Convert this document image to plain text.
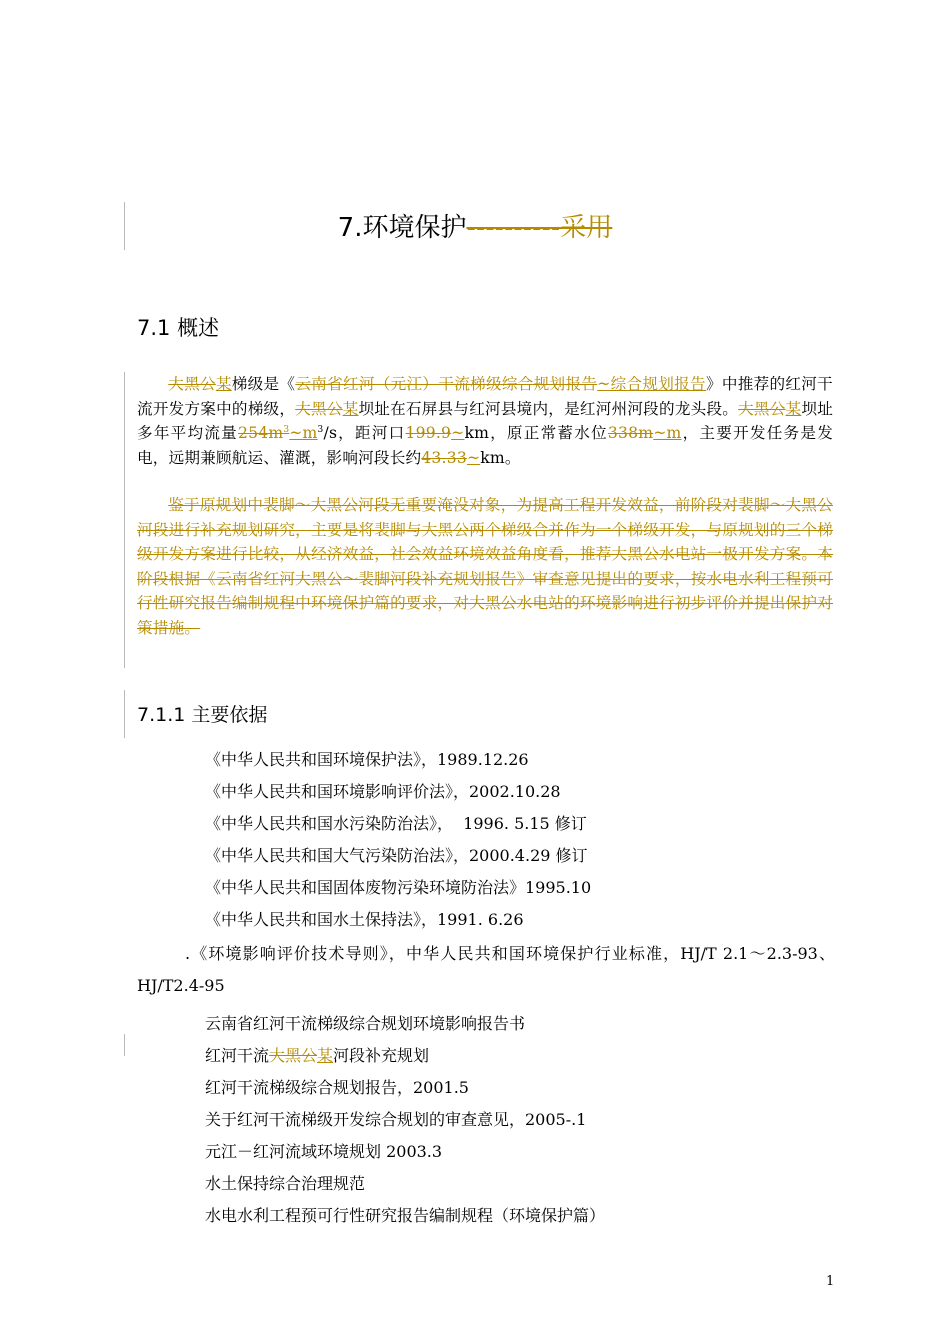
7.环境保护----------采用
7.1 概述
大黑公某梯级是《云南省红河（元江）干流梯级综合规划报告~综合规划报告》中推荐的红河干流开发方案中的梯级，大黑公某坝址在石屏县与红河县境内，是红河州河段的龙头段。大黑公某坝址多年平均流量$254m^3\sim m^3/s$，距河口199.9~km，原正常蓄水位338m~m，主要开发任务是发电，远期兼顾航运、灌溉，影响河段长约43.33~km。
鉴于原规划中裴脚～大黑公河段无重要淹没对象，为提高工程开发效益，前阶段对裴脚～大黑公河段进行补充规划研究，主要是将裴脚与大黑公两个梯级合并作为一个梯级开发，与原规划的三个梯级开发方案进行比较，从经济效益，社会效益环境效益角度看，推荐大黑公水电站一极开发方案。本阶段根据《云南省红河大黑公～裴脚河段补充规划报告》审查意见提出的要求，按水电水利工程预可行性研究报告编制规程中环境保护篇的要求，对大黑公水电站的环境影响进行初步评价并提出保护对策措施。
7.1.1 主要依据
《中华人民共和国环境保护法》，1989.12.26
《中华人民共和国环境影响评价法》，2002.10.28
《中华人民共和国水污染防治法》，  1996. 5.15 修订
《中华人民共和国大气污染防治法》，2000.4.29 修订
《中华人民共和国固体废物污染环境防治法》1995.10
《中华人民共和国水土保持法》，1991. 6.26
.《环境影响评价技术导则》，中华人民共和国环境保护行业标准，HJ/T 2.1～2.3-93、HJ/T2.4-95
云南省红河干流梯级综合规划环境影响报告书
红河干流大黑公某河段补充规划
红河干流梯级综合规划报告，2001.5
关于红河干流梯级开发综合规划的审查意见，2005-.1
元江－红河流域环境规划 2003.3
水土保持综合治理规范
水电水利工程预可行性研究报告编制规程（环境保护篇）
1
